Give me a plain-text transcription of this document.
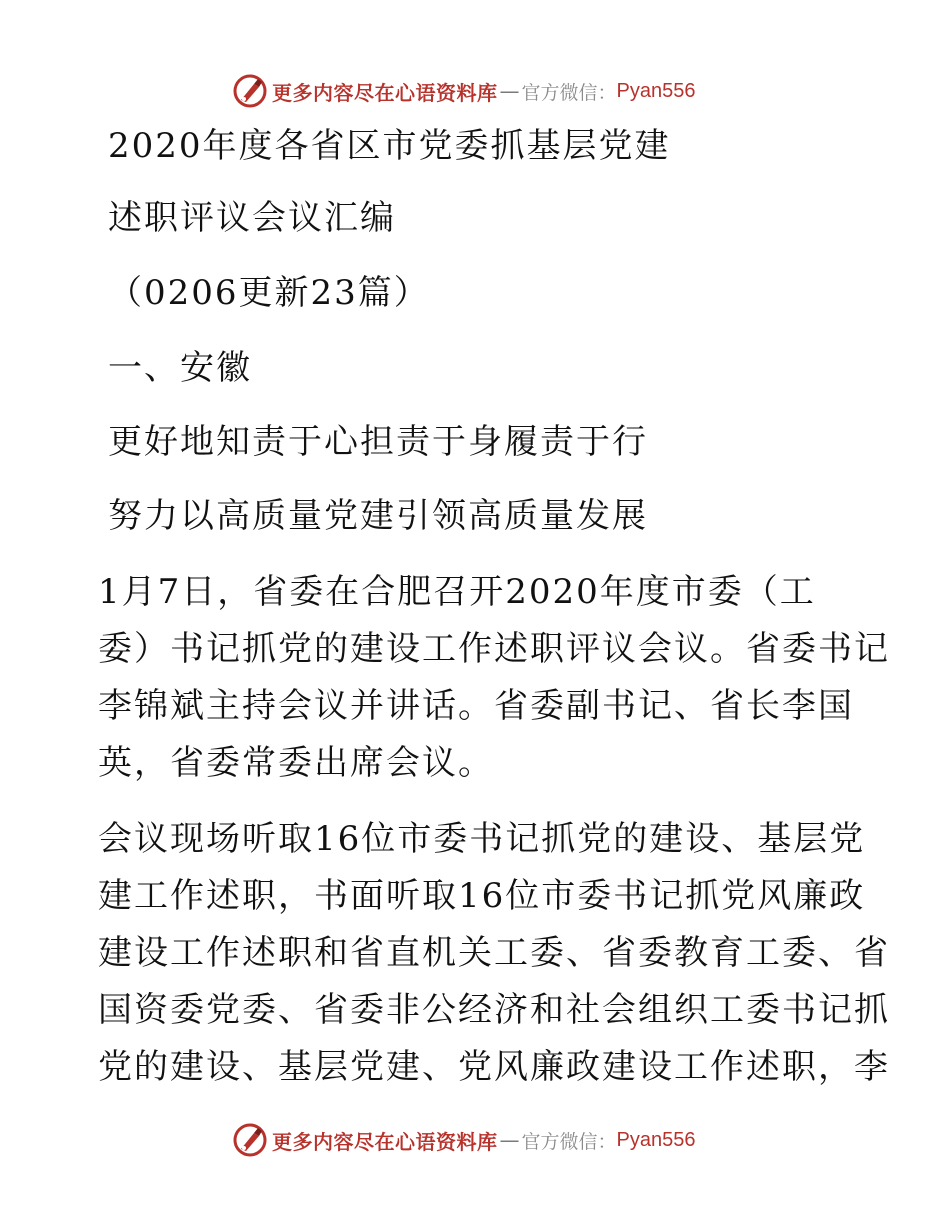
更多内容尽在心语资料库 — 官方微信： Pyan556
2020年度各省区市党委抓基层党建
述职评议会议汇编
（0206更新23篇）
一、安徽
更好地知责于心担责于身履责于行
努力以高质量党建引领高质量发展
1月7日，省委在合肥召开2020年度市委（工
委）书记抓党的建设工作述职评议会议。省委书记
李锦斌主持会议并讲话。省委副书记、省长李国
英，省委常委出席会议。
会议现场听取16位市委书记抓党的建设、基层党
建工作述职，书面听取16位市委书记抓党风廉政
建设工作述职和省直机关工委、省委教育工委、省
国资委党委、省委非公经济和社会组织工委书记抓
党的建设、基层党建、党风廉政建设工作述职，李
更多内容尽在心语资料库 — 官方微信： Pyan556
